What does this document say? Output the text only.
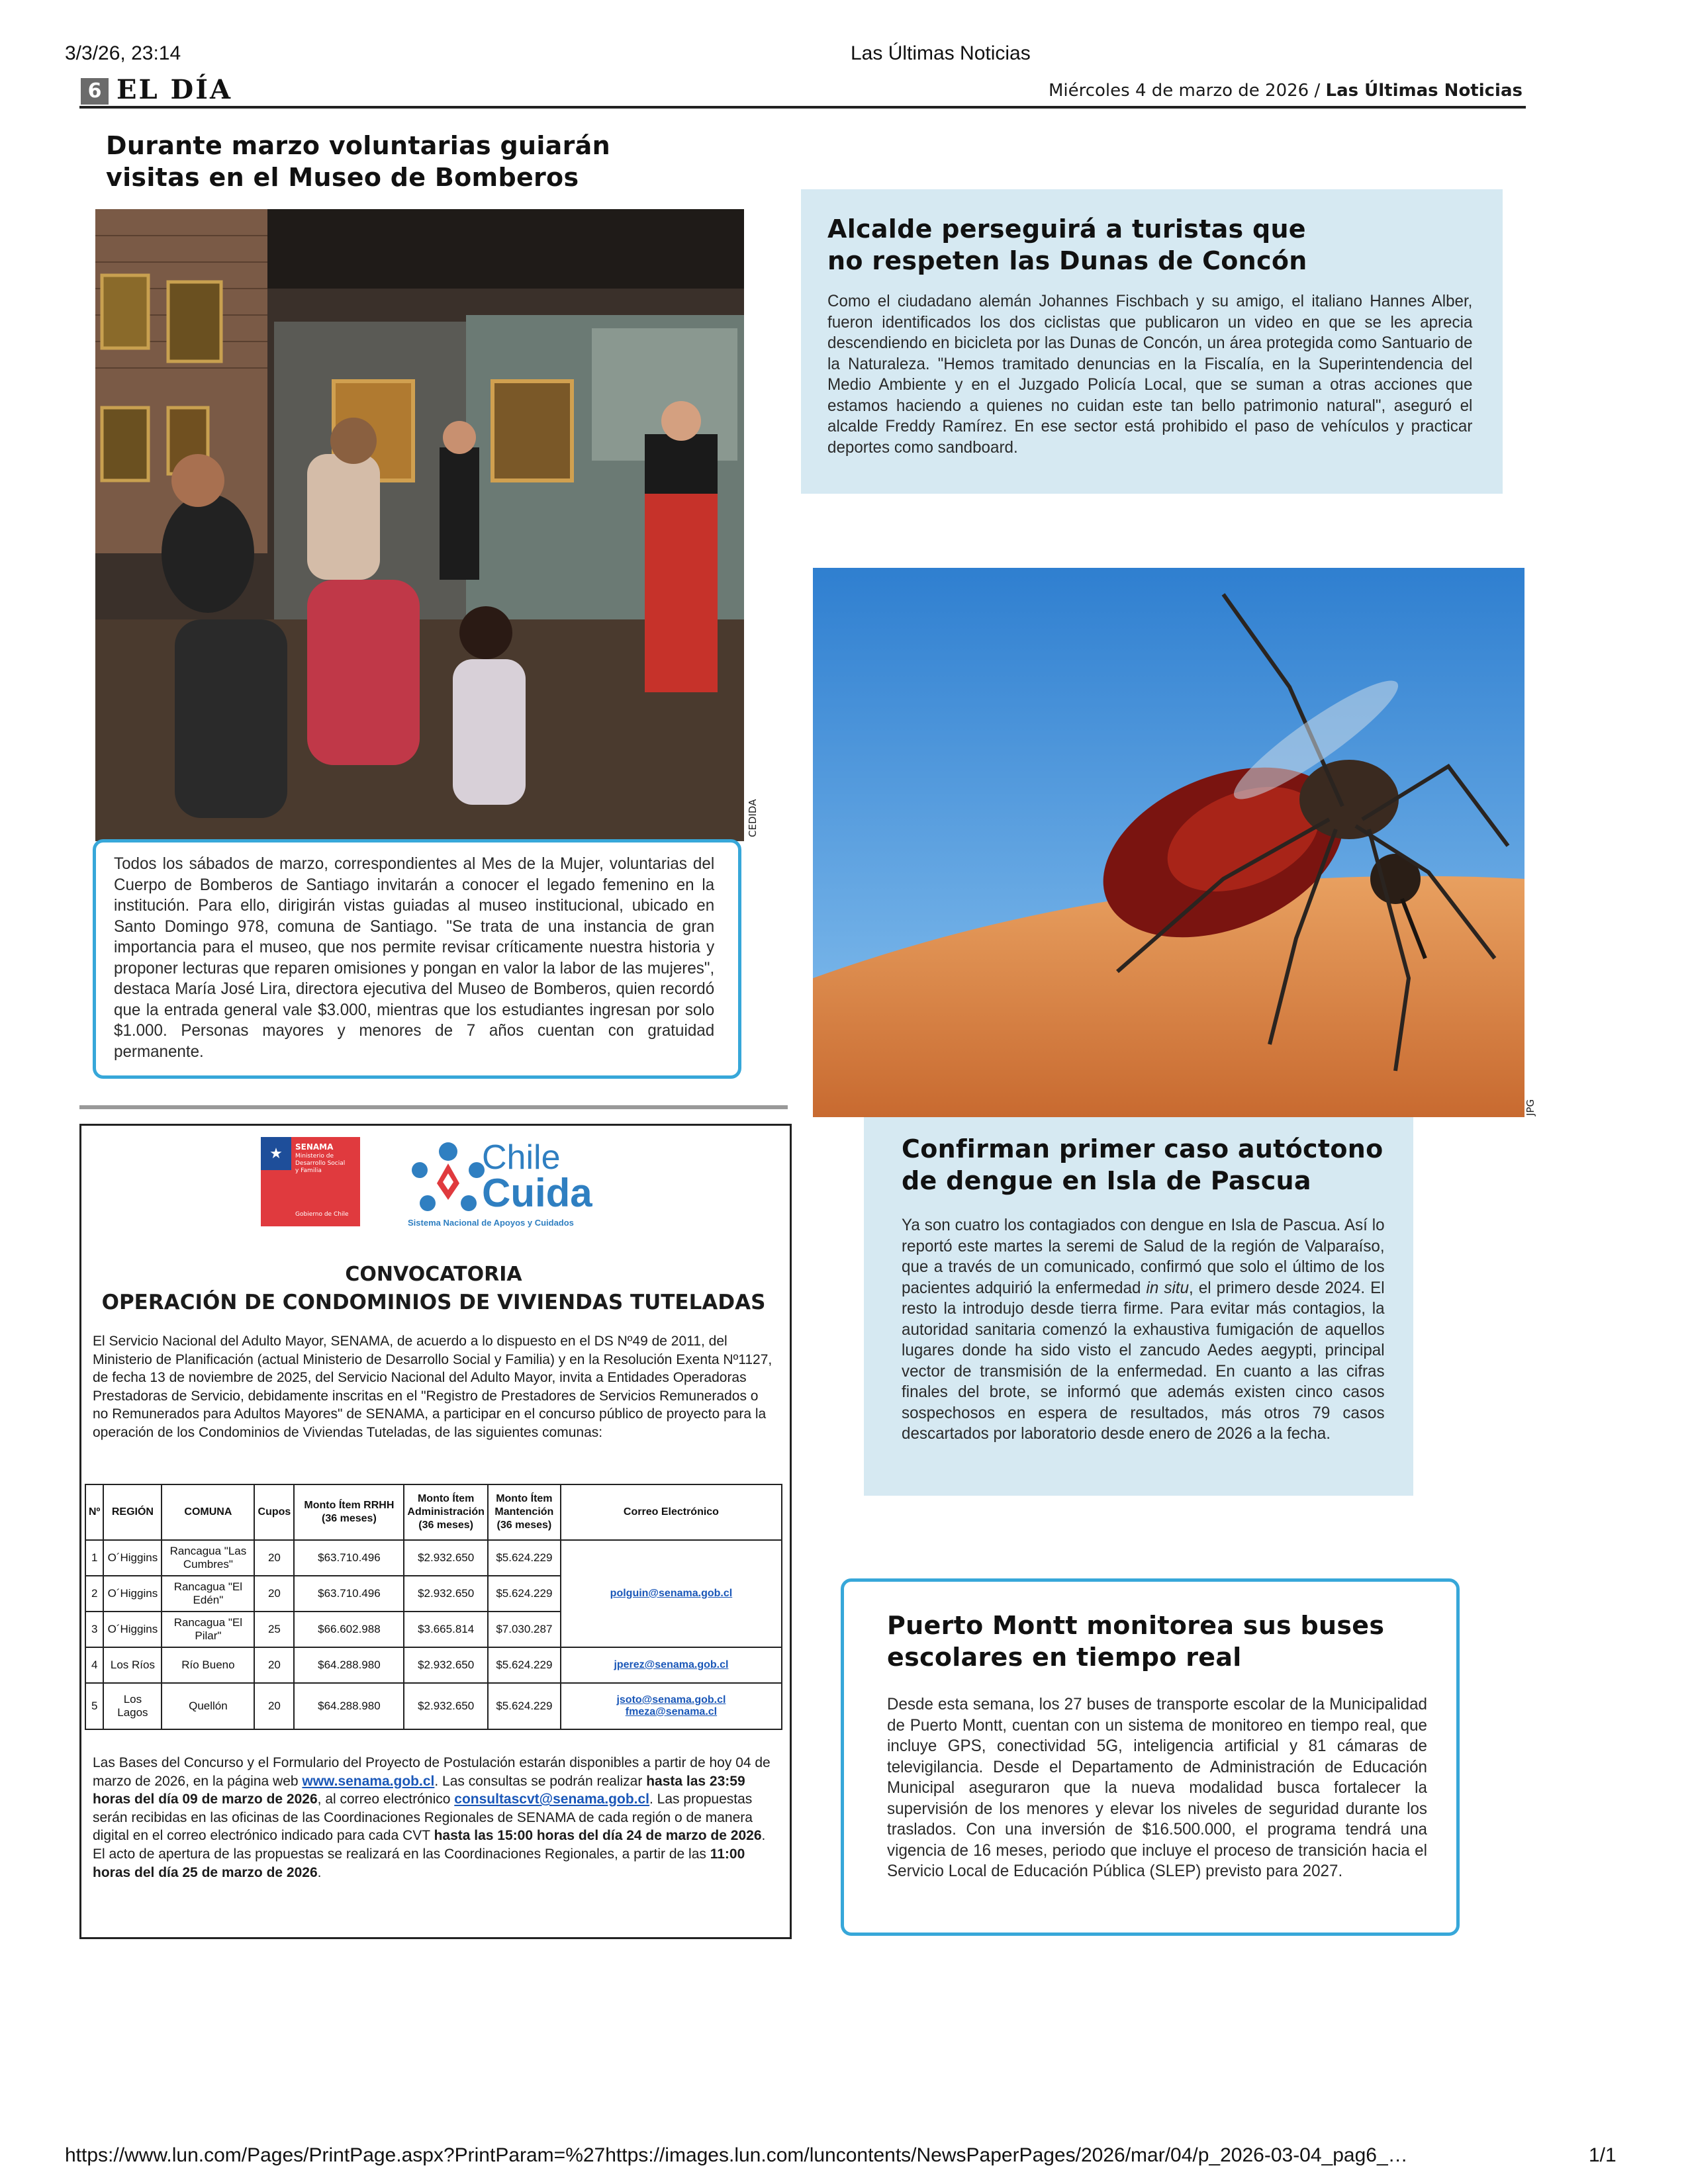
3/3/26, 23:14	Las Últimas Noticias
6 EL DÍA	Miércoles 4 de marzo de 2026 / Las Últimas Noticias
Durante marzo voluntarias guiarán
visitas en el Museo de Bomberos
CEDIDA
Todos los sábados de marzo, correspondientes al Mes de la Mujer, voluntarias del Cuerpo de Bomberos de Santiago invitarán a conocer el legado femenino en la institución. Para ello, dirigirán vistas guiadas al museo institucional, ubicado en Santo Domingo 978, comuna de Santiago. "Se trata de una instancia de gran importancia para el museo, que nos permite revisar críticamente nuestra historia y proponer lecturas que reparen omisiones y pongan en valor la labor de las mujeres", destaca María José Lira, directora ejecutiva del Museo de Bomberos, quien recordó que la entrada general vale $3.000, mientras que los estudiantes ingresan por solo $1.000. Personas mayores y menores de 7 años cuentan con gratuidad permanente.
Alcalde perseguirá a turistas que
no respeten las Dunas de Concón
Como el ciudadano alemán Johannes Fischbach y su amigo, el italiano Hannes Alber, fueron identificados los dos ciclistas que publicaron un video en que se les aprecia descendiendo en bicicleta por las Dunas de Concón, un área protegida como Santuario de la Naturaleza. "Hemos tramitado denuncias en la Fiscalía, en la Superintendencia del Medio Ambiente y en el Juzgado Policía Local, que se suman a otras acciones que estamos haciendo a quienes no cuidan este tan bello patrimonio natural", aseguró el alcalde Freddy Ramírez. En ese sector está prohibido el paso de vehículos y practicar deportes como sandboard.
JPG
Confirman primer caso autóctono
de dengue en Isla de Pascua
Ya son cuatro los contagiados con dengue en Isla de Pascua. Así lo reportó este martes la seremi de Salud de la región de Valparaíso, que a través de un comunicado, confirmó que solo el último de los pacientes adquirió la enfermedad in situ, el primero desde 2024. El resto la introdujo desde tierra firme. Para evitar más contagios, la autoridad sanitaria comenzó la exhaustiva fumigación de aquellos lugares donde ha sido visto el zancudo Aedes aegypti, principal vector de transmisión de la enfermedad. En cuanto a las cifras finales del brote, se informó que además existen cinco casos sospechosos en espera de resultados, más otros 79 casos descartados por laboratorio desde enero de 2026 a la fecha.
Puerto Montt monitorea sus buses
escolares en tiempo real
Desde esta semana, los 27 buses de transporte escolar de la Municipalidad de Puerto Montt, cuentan con un sistema de monitoreo en tiempo real, que incluye GPS, conectividad 5G, inteligencia artificial y 81 cámaras de televigilancia. Desde el Departamento de Administración de Educación Municipal aseguraron que la nueva modalidad busca fortalecer la supervisión de los menores y elevar los niveles de seguridad durante los traslados. Con una inversión de $16.500.000, el programa tendrá una vigencia de 16 meses, periodo que incluye el proceso de transición hacia el Servicio Local de Educación Pública (SLEP) previsto para 2027.
SENAMA
Ministerio de
Desarrollo Social
y Familia
★
Gobierno de Chile
Chile
Cuida
Sistema Nacional de Apoyos y Cuidados
CONVOCATORIA
OPERACIÓN DE CONDOMINIOS DE VIVIENDAS TUTELADAS
El Servicio Nacional del Adulto Mayor, SENAMA, de acuerdo a lo dispuesto en el DS Nº49 de 2011, del Ministerio de Planificación (actual Ministerio de Desarrollo Social y Familia) y en la Resolución Exenta Nº1127, de fecha 13 de noviembre de 2025, del Servicio Nacional del Adulto Mayor, invita a Entidades Operadoras Prestadoras de Servicio, debidamente inscritas en el "Registro de Prestadores de Servicios Remunerados o no Remunerados para Adultos Mayores" de SENAMA, a participar en el concurso público de proyecto para la operación de los Condominios de Viviendas Tuteladas, de las siguientes comunas:
Nº	REGIÓN	COMUNA	Cupos	Monto Ítem RRHH (36 meses)	Monto Ítem Administración (36 meses)	Monto Ítem Mantención (36 meses)	Correo Electrónico
1	O´Higgins	Rancagua "Las Cumbres"	20	$63.710.496	$2.932.650	$5.624.229	polguin@senama.gob.cl
2	O´Higgins	Rancagua "El Edén"	20	$63.710.496	$2.932.650	$5.624.229	
3	O´Higgins	Rancagua "El Pilar"	25	$66.602.988	$3.665.814	$7.030.287	
4	Los Ríos	Río Bueno	20	$64.288.980	$2.932.650	$5.624.229	jperez@senama.gob.cl
5	Los Lagos	Quellón	20	$64.288.980	$2.932.650	$5.624.229	jsoto@senama.gob.cl
fmeza@senama.cl
Las Bases del Concurso y el Formulario del Proyecto de Postulación estarán disponibles a partir de hoy 04 de marzo de 2026, en la página web www.senama.gob.cl. Las consultas se podrán realizar hasta las 23:59 horas del día 09 de marzo de 2026, al correo electrónico consultascvt@senama.gob.cl. Las propuestas serán recibidas en las oficinas de las Coordinaciones Regionales de SENAMA de cada región o de manera digital en el correo electrónico indicado para cada CVT hasta las 15:00 horas del día 24 de marzo de 2026. El acto de apertura de las propuestas se realizará en las Coordinaciones Regionales, a partir de las 11:00 horas del día 25 de marzo de 2026.
https://www.lun.com/Pages/PrintPage.aspx?PrintParam=%27https://images.lun.com/luncontents/NewsPaperPages/2026/mar/04/p_2026-03-04_pag6_…	1/1
